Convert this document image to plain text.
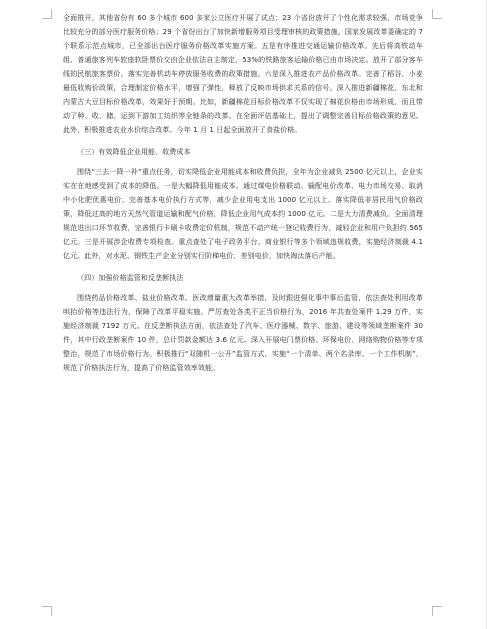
全面推开，其他省份有 60 多个城市 600 多家公立医疗开展了试点；23 个省份放开了个性化需求较强、市场竞争比较充分的部分医疗服务价格；29 个省份出台了加快新增服务项目受理审核的政策措施。国家发展改革委确定的 7 个联系示范点城市，已全部出台医疗服务价格改革实施方案。五是有序推进交通运输价格改革。先后将高铁动车组、普通旅客列车软座软卧票价交由企业依法自主制定，53%的铁路旅客运输价格已由市场决定。放开了部分客车线的民航旅客票价。落实完善机动车停放服务收费的政策措施。六是深入推进农产品价格改革。完善了稻谷、小麦最低收购价政策，合理制定价格水平，增强了弹性，释放了反映市场供求关系的信号。深入推进新疆棉花、东北和内蒙古大豆目标价格改革，效果好于预期。比如，新疆棉花目标价格改革不仅实现了棉花价格由市场形成，而且带动了种、收、储、运到下游加工纺织等全链条的改革。在全面评估基础上，提出了调整完善目标价格政策的意见。此外，积极推进农业水价综合改革。今年 1 月 1 日起全面放开了食盐价格。

（三）有效降低企业用能、收费成本

围绕“三去一降一补”重点任务，切实降低企业用能成本和收费负担，全年为企业减负 2500 亿元以上，企业实实在在地感受到了成本的降低。一是大幅降低用能成本。通过煤电价格联动、输配电价改革、电力市场交易、取消中小化肥优惠电价、完善基本电价执行方式等，减少企业用电支出 1000 亿元以上。落实降低非居民用气价格政策，降低过高的地方天然气管道运输和配气价格，降低企业用气成本约 1000 亿元。二是大力清费减负。全面清理规范进出口环节收费，完善银行卡刷卡收费定价机制，规范不动产统一登记收费行为，减轻企业和用户负担约 565 亿元。三是开展涉企收费专项检查。重点查处了电子政务平台、商业银行等多个领域违规收费，实施经济制裁 4.1 亿元。此外，对水泥、钢铁生产企业分别实行阶梯电价、差别电价，加快淘汰落后产能。

（四）加强价格监管和反垄断执法

围绕药品价格改革、盐业价格改革、医改增量重大改革举措，及时跟进强化事中事后监管，依法查处利用改革哄抬价格等违法行为，保障了改革平稳实施。严厉查处各类不正当价格行为，2016 年共查处案件 1.29 万件，实施经济制裁 7192 万元。在反垄断执法方面，依法查处了汽车、医疗器械、数字、旅游、建设等领域垄断案件 30 件，其中行政垄断案件 10 件，总计罚款金额达 3.6 亿元。深入开展电门票价格、环保电价、网络购物价格等专项整治，规范了市场价格行为。积极推行“双随机一公开”监管方式，实施“一个清单、两个名录库、一个工作机制”，规范了价格执法行为，提高了价格监管效率效能。
